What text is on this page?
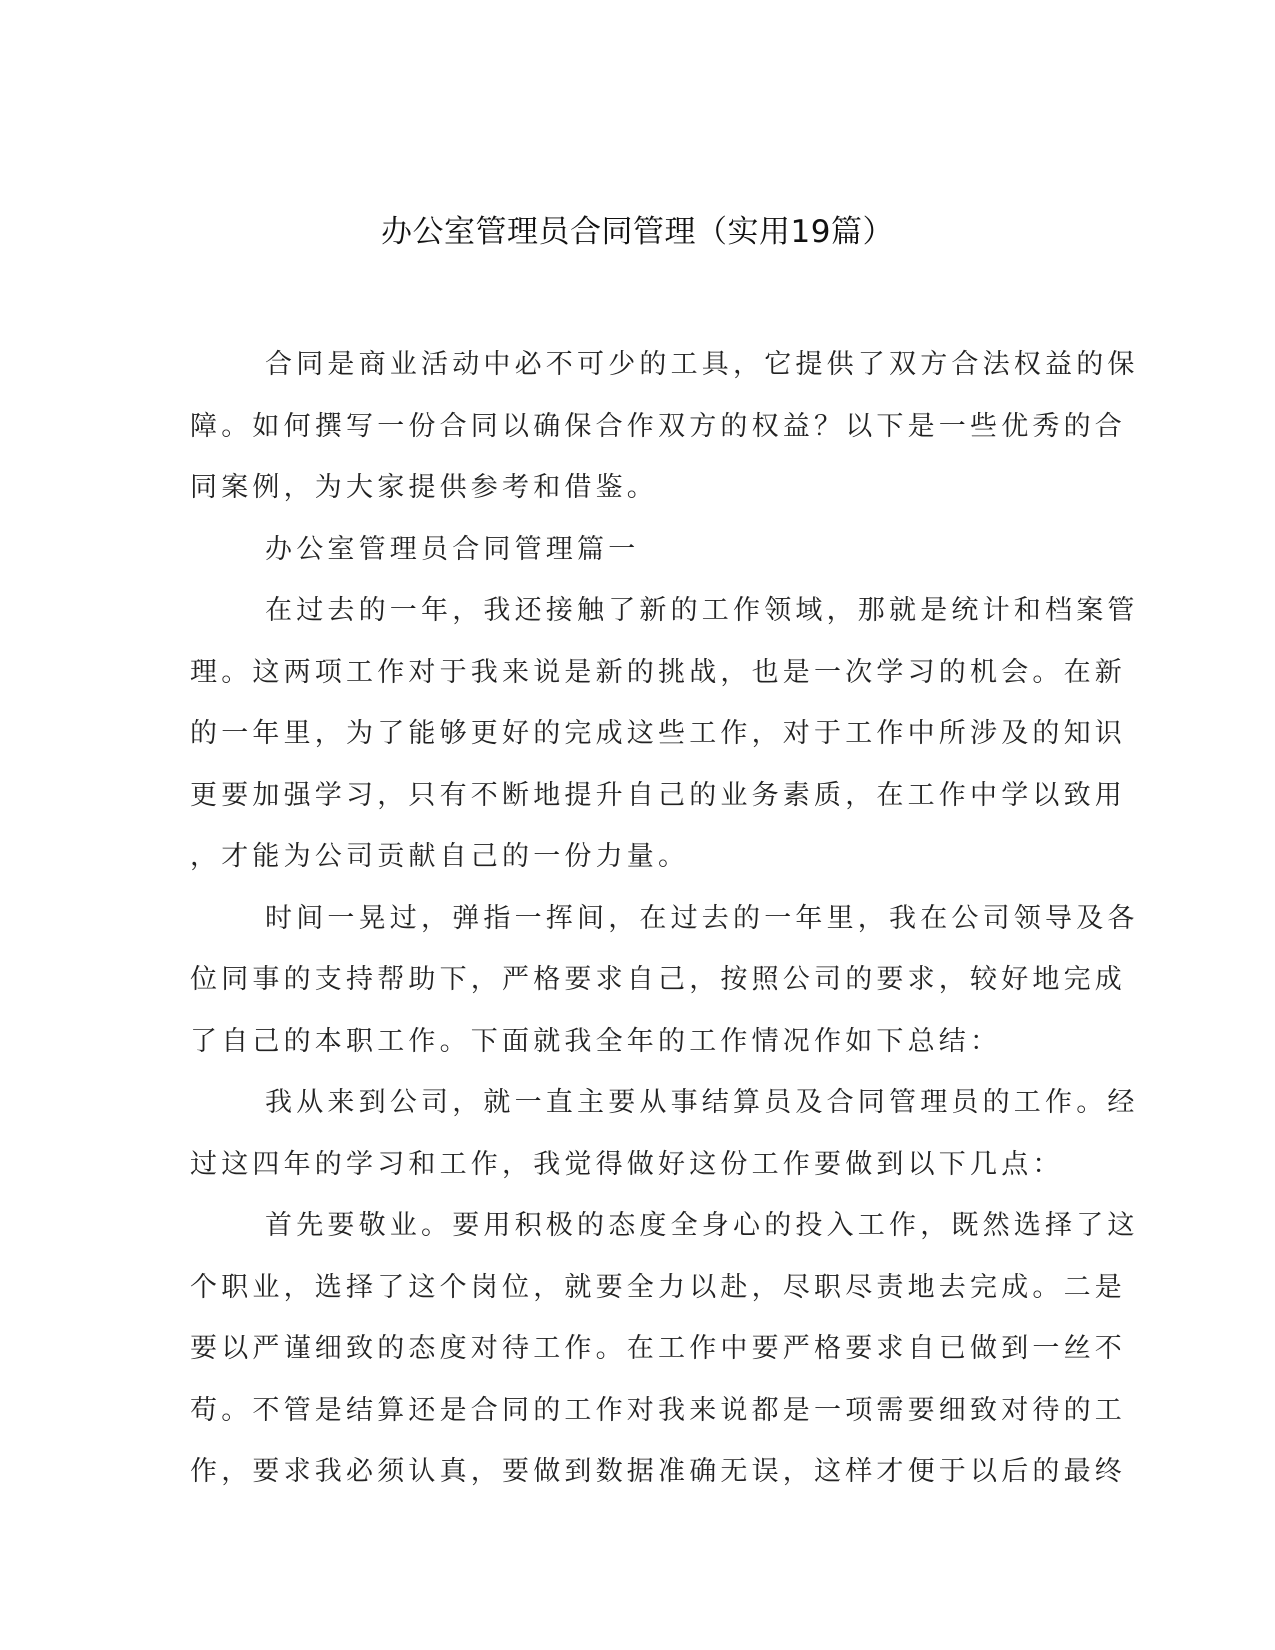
办公室管理员合同管理（实用19篇）
合同是商业活动中必不可少的工具，它提供了双方合法权益的保
障。如何撰写一份合同以确保合作双方的权益？以下是一些优秀的合
同案例，为大家提供参考和借鉴。
办公室管理员合同管理篇一
在过去的一年，我还接触了新的工作领域，那就是统计和档案管
理。这两项工作对于我来说是新的挑战，也是一次学习的机会。在新
的一年里，为了能够更好的完成这些工作，对于工作中所涉及的知识
更要加强学习，只有不断地提升自己的业务素质，在工作中学以致用
，才能为公司贡献自己的一份力量。
时间一晃过，弹指一挥间，在过去的一年里，我在公司领导及各
位同事的支持帮助下，严格要求自己，按照公司的要求，较好地完成
了自己的本职工作。下面就我全年的工作情况作如下总结：
我从来到公司，就一直主要从事结算员及合同管理员的工作。经
过这四年的学习和工作，我觉得做好这份工作要做到以下几点：
首先要敬业。要用积极的态度全身心的投入工作，既然选择了这
个职业，选择了这个岗位，就要全力以赴，尽职尽责地去完成。二是
要以严谨细致的态度对待工作。在工作中要严格要求自已做到一丝不
苟。不管是结算还是合同的工作对我来说都是一项需要细致对待的工
作，要求我必须认真，要做到数据准确无误，这样才便于以后的最终
